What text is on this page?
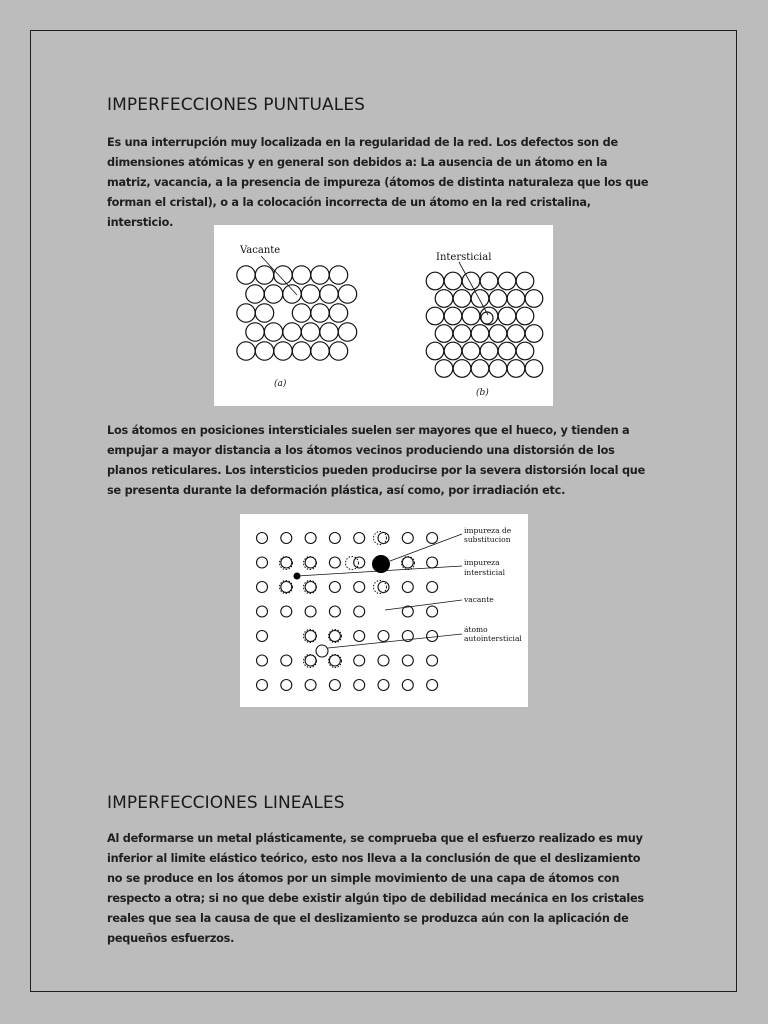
IMPERFECCIONES PUNTUALES

Es una interrupción muy localizada en la regularidad de la red. Los defectos son de dimensiones atómicas y en general son debidos a: La ausencia de un átomo en la matriz, vacancia, a la presencia de impureza (átomos de distinta naturaleza que los que forman el cristal), o a la colocación incorrecta de un átomo en la red cristalina, intersticio.

Vacante
Intersticial
(a)
(b)

Los átomos en posiciones intersticiales suelen ser mayores que el hueco, y tienden a empujar a mayor distancia a los átomos vecinos produciendo una distorsión de los planos reticulares. Los intersticios pueden producirse por la severa distorsión local que se presenta durante la deformación plástica, así como, por irradiación etc.

impureza de
substitucion
impureza
intersticial
vacante
átomo
autointersticial
IMPERFECCIONES LINEALES

Al deformarse un metal plásticamente, se comprueba que el esfuerzo realizado es muy inferior al limite elástico teórico, esto nos lleva a la conclusión de que el deslizamiento no se produce en los átomos por un simple movimiento de una capa de átomos con respecto a otra; si no que debe existir algún tipo de debilidad mecánica en los cristales reales que sea la causa de que el deslizamiento se produzca aún con la aplicación de pequeños esfuerzos.
